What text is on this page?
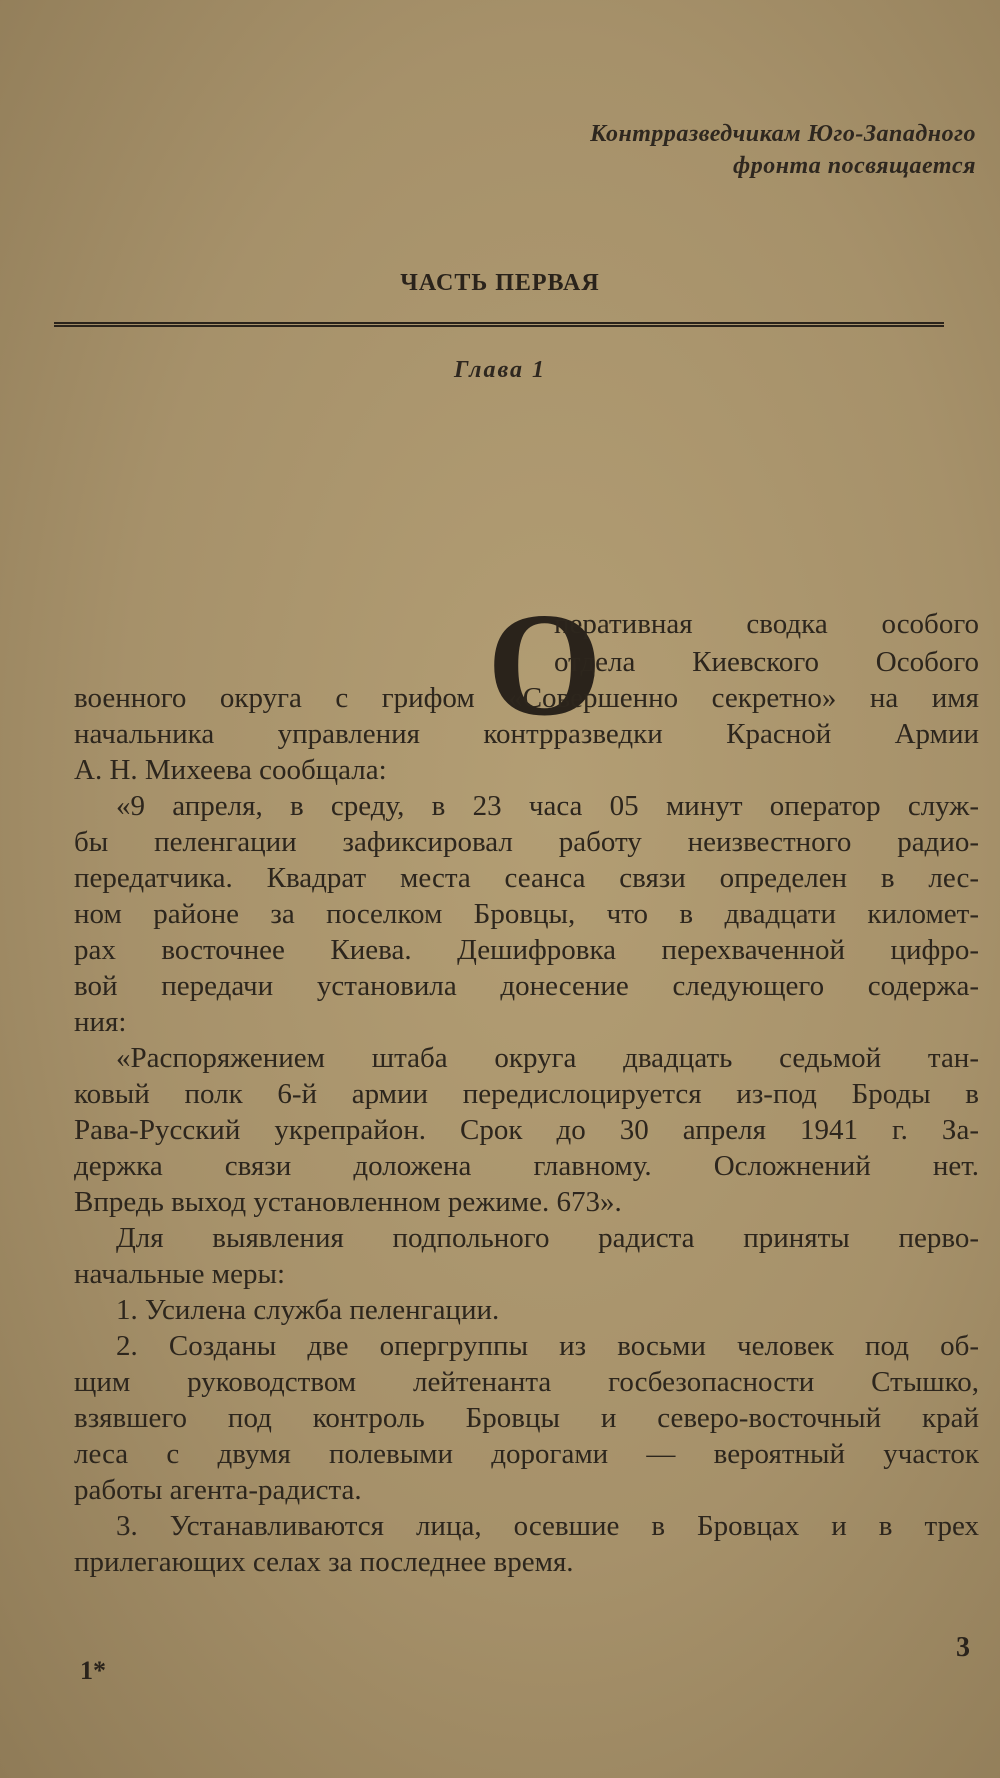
Контрразведчикам Юго-Западного
фронта посвящается
ЧАСТЬ ПЕРВАЯ
Глава 1
О
перативная сводка особого
отдела Киевского Особого
военного округа с грифом «Совершенно секретно» на имя
начальника управления контрразведки Красной Армии
А. Н. Михеева сообщала:
«9 апреля, в среду, в 23 часа 05 минут оператор служ-
бы пеленгации зафиксировал работу неизвестного радио-
передатчика. Квадрат места сеанса связи определен в лес-
ном районе за поселком Бровцы, что в двадцати километ-
рах восточнее Киева. Дешифровка перехваченной цифро-
вой передачи установила донесение следующего содержа-
ния:
«Распоряжением штаба округа двадцать седьмой тан-
ковый полк 6-й армии передислоцируется из-под Броды в
Рава-Русский укрепрайон. Срок до 30 апреля 1941 г. За-
держка связи доложена главному. Осложнений нет.
Впредь выход установленном режиме. 673».
Для выявления подпольного радиста приняты перво-
начальные меры:
1. Усилена служба пеленгации.
2. Созданы две опергруппы из восьми человек под об-
щим руководством лейтенанта госбезопасности Стышко,
взявшего под контроль Бровцы и северо-восточный край
леса с двумя полевыми дорогами — вероятный участок
работы агента-радиста.
3. Устанавливаются лица, осевшие в Бровцах и в трех
прилегающих селах за последнее время.
3
1*
